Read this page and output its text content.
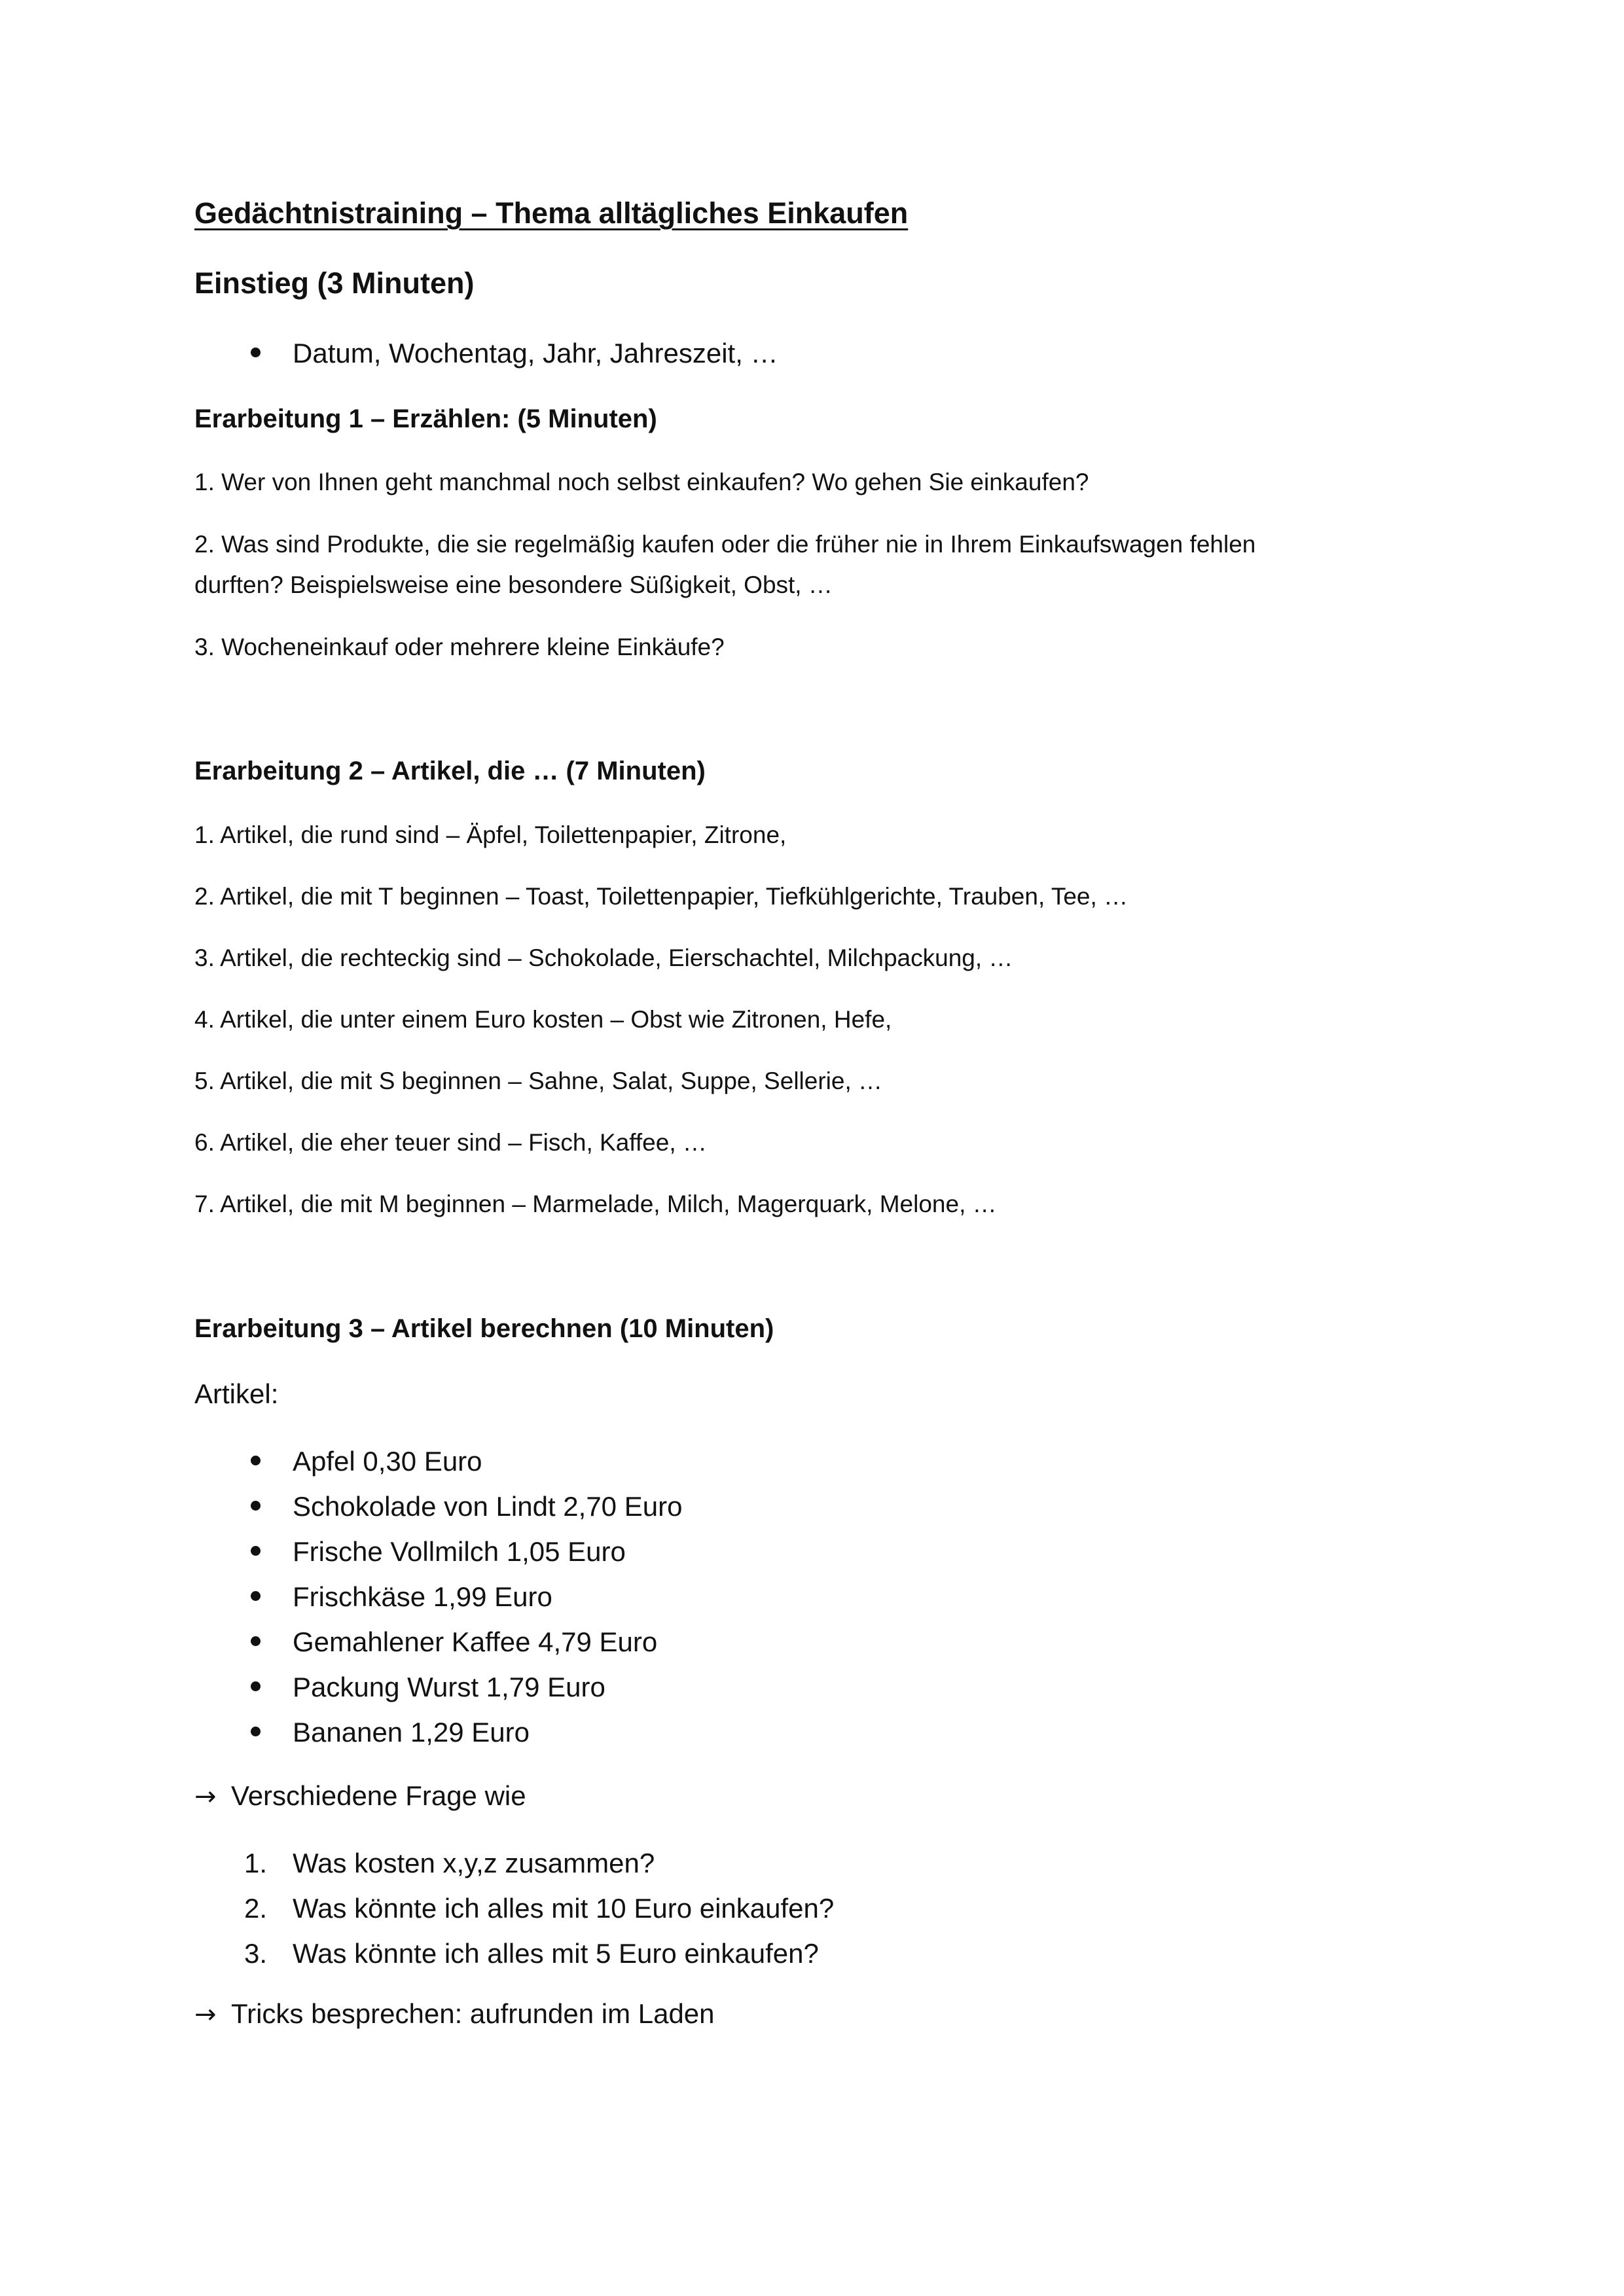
Gedächtnistraining – Thema alltägliches Einkaufen
Einstieg (3 Minuten)
Datum, Wochentag, Jahr, Jahreszeit, …
Erarbeitung 1 – Erzählen: (5 Minuten)

1. Wer von Ihnen geht manchmal noch selbst einkaufen? Wo gehen Sie einkaufen?

2. Was sind Produkte, die sie regelmäßig kaufen oder die früher nie in Ihrem Einkaufswagen fehlen

durften? Beispielsweise eine besondere Süßigkeit, Obst, …

3. Wocheneinkauf oder mehrere kleine Einkäufe?

Erarbeitung 2 – Artikel, die … (7 Minuten)

1. Artikel, die rund sind – Äpfel, Toilettenpapier, Zitrone,

2. Artikel, die mit T beginnen – Toast, Toilettenpapier, Tiefkühlgerichte, Trauben, Tee, …

3. Artikel, die rechteckig sind – Schokolade, Eierschachtel, Milchpackung, …

4. Artikel, die unter einem Euro kosten – Obst wie Zitronen, Hefe,

5. Artikel, die mit S beginnen – Sahne, Salat, Suppe, Sellerie, …

6. Artikel, die eher teuer sind – Fisch, Kaffee, …

7. Artikel, die mit M beginnen – Marmelade, Milch, Magerquark, Melone, …

Erarbeitung 3 – Artikel berechnen (10 Minuten)

Artikel:

Apfel 0,30 Euro
Schokolade von Lindt 2,70 Euro
Frische Vollmilch 1,05 Euro
Frischkäse 1,99 Euro
Gemahlener Kaffee 4,79 Euro
Packung Wurst 1,79 Euro
Bananen 1,29 Euro

→ Verschiedene Frage wie

1. Was kosten x,y,z zusammen?
2. Was könnte ich alles mit 10 Euro einkaufen?
3. Was könnte ich alles mit 5 Euro einkaufen?

→ Tricks besprechen: aufrunden im Laden
